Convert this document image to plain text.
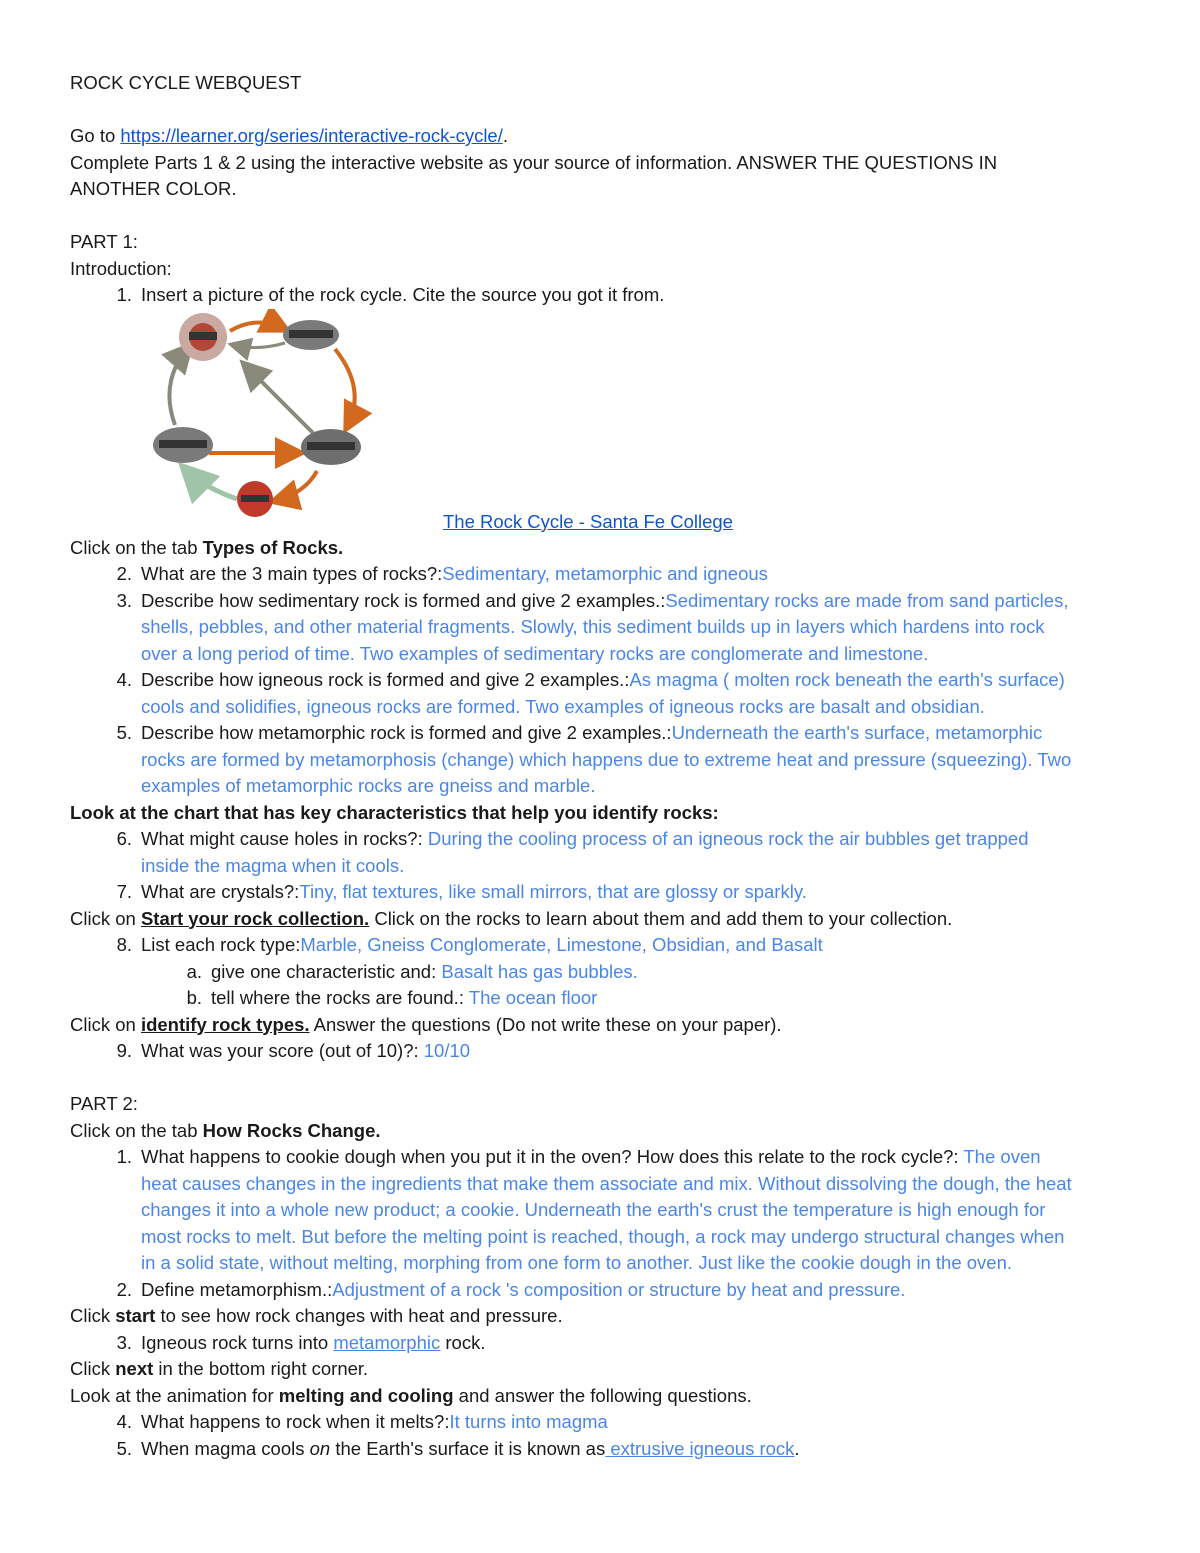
ROCK CYCLE WEBQUEST

Go to https://learner.org/series/interactive-rock-cycle/.

Complete Parts 1 & 2 using the interactive website as your source of information. ANSWER THE QUESTIONS IN

ANOTHER COLOR.

PART 1:

Introduction:

1. Insert a picture of the rock cycle. Cite the source you got it from.
The Rock Cycle - Santa Fe College

Click on the tab Types of Rocks.

2. What are the 3 main types of rocks?:Sedimentary, metamorphic and igneous
3. Describe how sedimentary rock is formed and give 2 examples.:Sedimentary rocks are made from sand particles,
shells, pebbles, and other material fragments. Slowly, this sediment builds up in layers which hardens into rock
over a long period of time. Two examples of sedimentary rocks are conglomerate and limestone.
4. Describe how igneous rock is formed and give 2 examples.:As magma ( molten rock beneath the earth's surface)
cools and solidifies, igneous rocks are formed. Two examples of igneous rocks are basalt and obsidian.
5. Describe how metamorphic rock is formed and give 2 examples.:Underneath the earth's surface, metamorphic
rocks are formed by metamorphosis (change) which happens due to extreme heat and pressure (squeezing). Two
examples of metamorphic rocks are gneiss and marble.

Look at the chart that has key characteristics that help you identify rocks:

6. What might cause holes in rocks?: During the cooling process of an igneous rock the air bubbles get trapped
inside the magma when it cools.
7. What are crystals?:Tiny, flat textures, like small mirrors, that are glossy or sparkly.

Click on Start your rock collection. Click on the rocks to learn about them and add them to your collection.

8. List each rock type:Marble, Gneiss Conglomerate, Limestone, Obsidian, and Basalt
a. give one characteristic and: Basalt has gas bubbles.
b. tell where the rocks are found.: The ocean floor

Click on identify rock types. Answer the questions (Do not write these on your paper).

9. What was your score (out of 10)?: 10/10

PART 2:

Click on the tab How Rocks Change.

1. What happens to cookie dough when you put it in the oven? How does this relate to the rock cycle?: The oven
heat causes changes in the ingredients that make them associate and mix. Without dissolving the dough, the heat
changes it into a whole new product; a cookie. Underneath the earth's crust the temperature is high enough for
most rocks to melt. But before the melting point is reached, though, a rock may undergo structural changes when
in a solid state, without melting, morphing from one form to another. Just like the cookie dough in the oven.
2. Define metamorphism.:Adjustment of a rock 's composition or structure by heat and pressure.

Click start to see how rock changes with heat and pressure.

3. Igneous rock turns into metamorphic rock.

Click next in the bottom right corner.

Look at the animation for melting and cooling and answer the following questions.

4. What happens to rock when it melts?:It turns into magma
5. When magma cools on the Earth's surface it is known as extrusive igneous rock.
